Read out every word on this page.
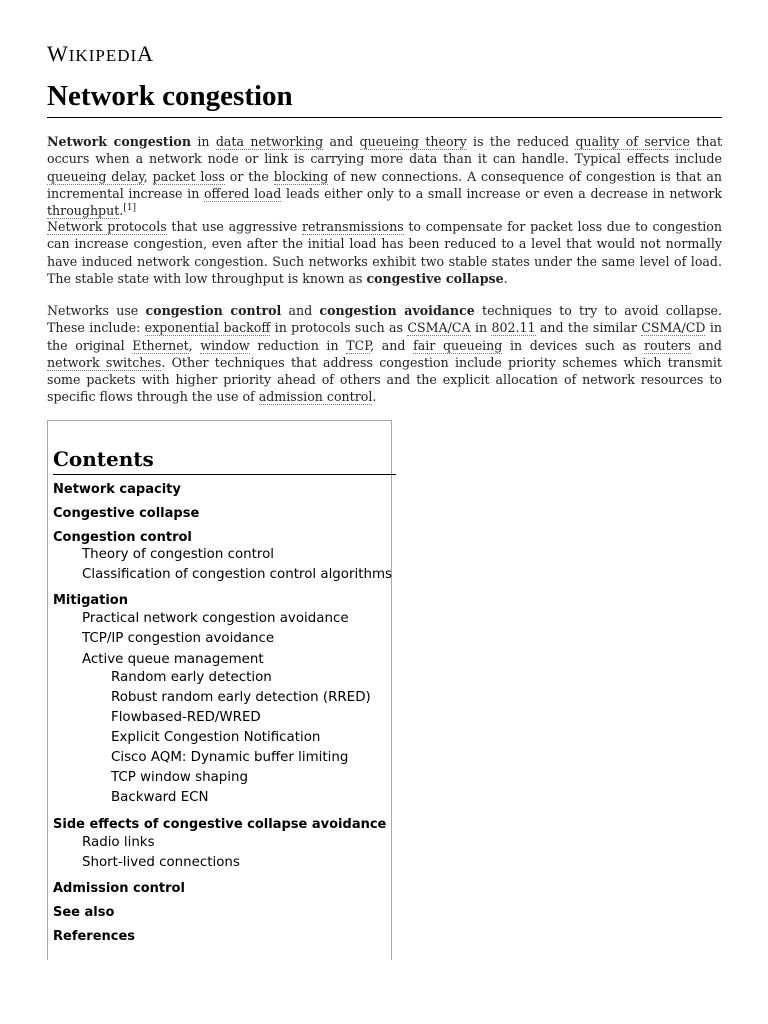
WIKIPEDIA
Network congestion

Network congestion in data networking and queueing theory is the reduced quality of service that occurs when a network node or link is carrying more data than it can handle. Typical effects include queueing delay, packet loss or the blocking of new connections. A consequence of congestion is that an incremental increase in offered load leads either only to a small increase or even a decrease in network throughput.[1]

Network protocols that use aggressive retransmissions to compensate for packet loss due to congestion can increase congestion, even after the initial load has been reduced to a level that would not normally have induced network congestion. Such networks exhibit two stable states under the same level of load. The stable state with low throughput is known as congestive collapse.

Networks use congestion control and congestion avoidance techniques to try to avoid collapse. These include: exponential backoff in protocols such as CSMA/CA in 802.11 and the similar CSMA/CD in the original Ethernet, window reduction in TCP, and fair queueing in devices such as routers and network switches. Other techniques that address congestion include priority schemes which transmit some packets with higher priority ahead of others and the explicit allocation of network resources to specific flows through the use of admission control.

Contents
Network capacity
Congestive collapse
Congestion control
Theory of congestion control
Classification of congestion control algorithms
Mitigation
Practical network congestion avoidance
TCP/IP congestion avoidance
Active queue management
Random early detection
Robust random early detection (RRED)
Flowbased-RED/WRED
Explicit Congestion Notification
Cisco AQM: Dynamic buffer limiting
TCP window shaping
Backward ECN
Side effects of congestive collapse avoidance
Radio links
Short-lived connections
Admission control
See also
References
